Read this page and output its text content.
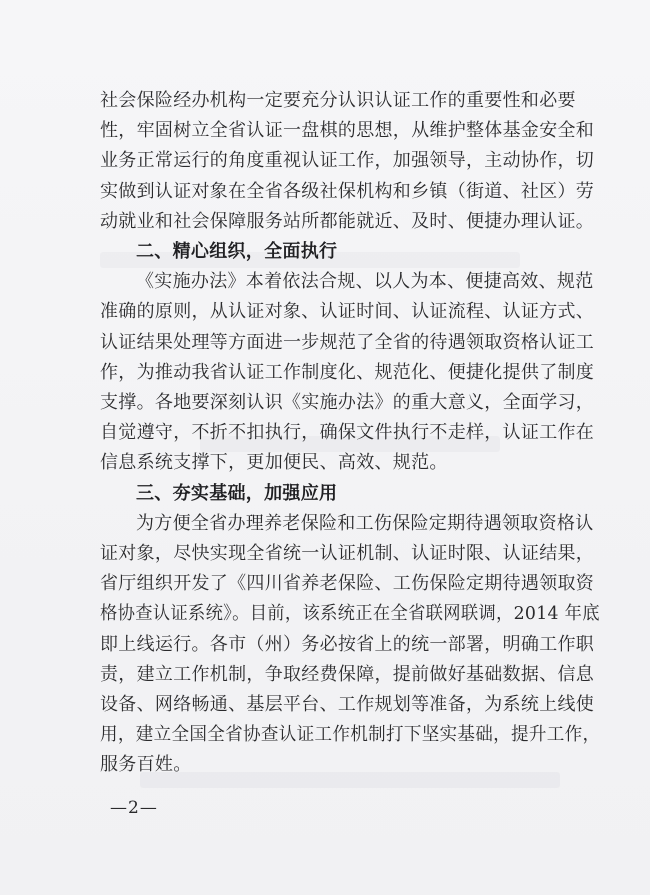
社会保险经办机构一定要充分认识认证工作的重要性和必要
性，牢固树立全省认证一盘棋的思想，从维护整体基金安全和
业务正常运行的角度重视认证工作，加强领导，主动协作，切
实做到认证对象在全省各级社保机构和乡镇（街道、社区）劳
动就业和社会保障服务站所都能就近、及时、便捷办理认证。
二、精心组织，全面执行
《实施办法》本着依法合规、以人为本、便捷高效、规范
准确的原则，从认证对象、认证时间、认证流程、认证方式、
认证结果处理等方面进一步规范了全省的待遇领取资格认证工
作，为推动我省认证工作制度化、规范化、便捷化提供了制度
支撑。各地要深刻认识《实施办法》的重大意义，全面学习，
自觉遵守，不折不扣执行，确保文件执行不走样，认证工作在
信息系统支撑下，更加便民、高效、规范。
三、夯实基础，加强应用
为方便全省办理养老保险和工伤保险定期待遇领取资格认
证对象，尽快实现全省统一认证机制、认证时限、认证结果，
省厅组织开发了《四川省养老保险、工伤保险定期待遇领取资
格协查认证系统》。目前，该系统正在全省联网联调，2014 年底
即上线运行。各市（州）务必按省上的统一部署，明确工作职
责，建立工作机制，争取经费保障，提前做好基础数据、信息
设备、网络畅通、基层平台、工作规划等准备，为系统上线使
用，建立全国全省协查认证工作机制打下坚实基础，提升工作，
服务百姓。
—2—
